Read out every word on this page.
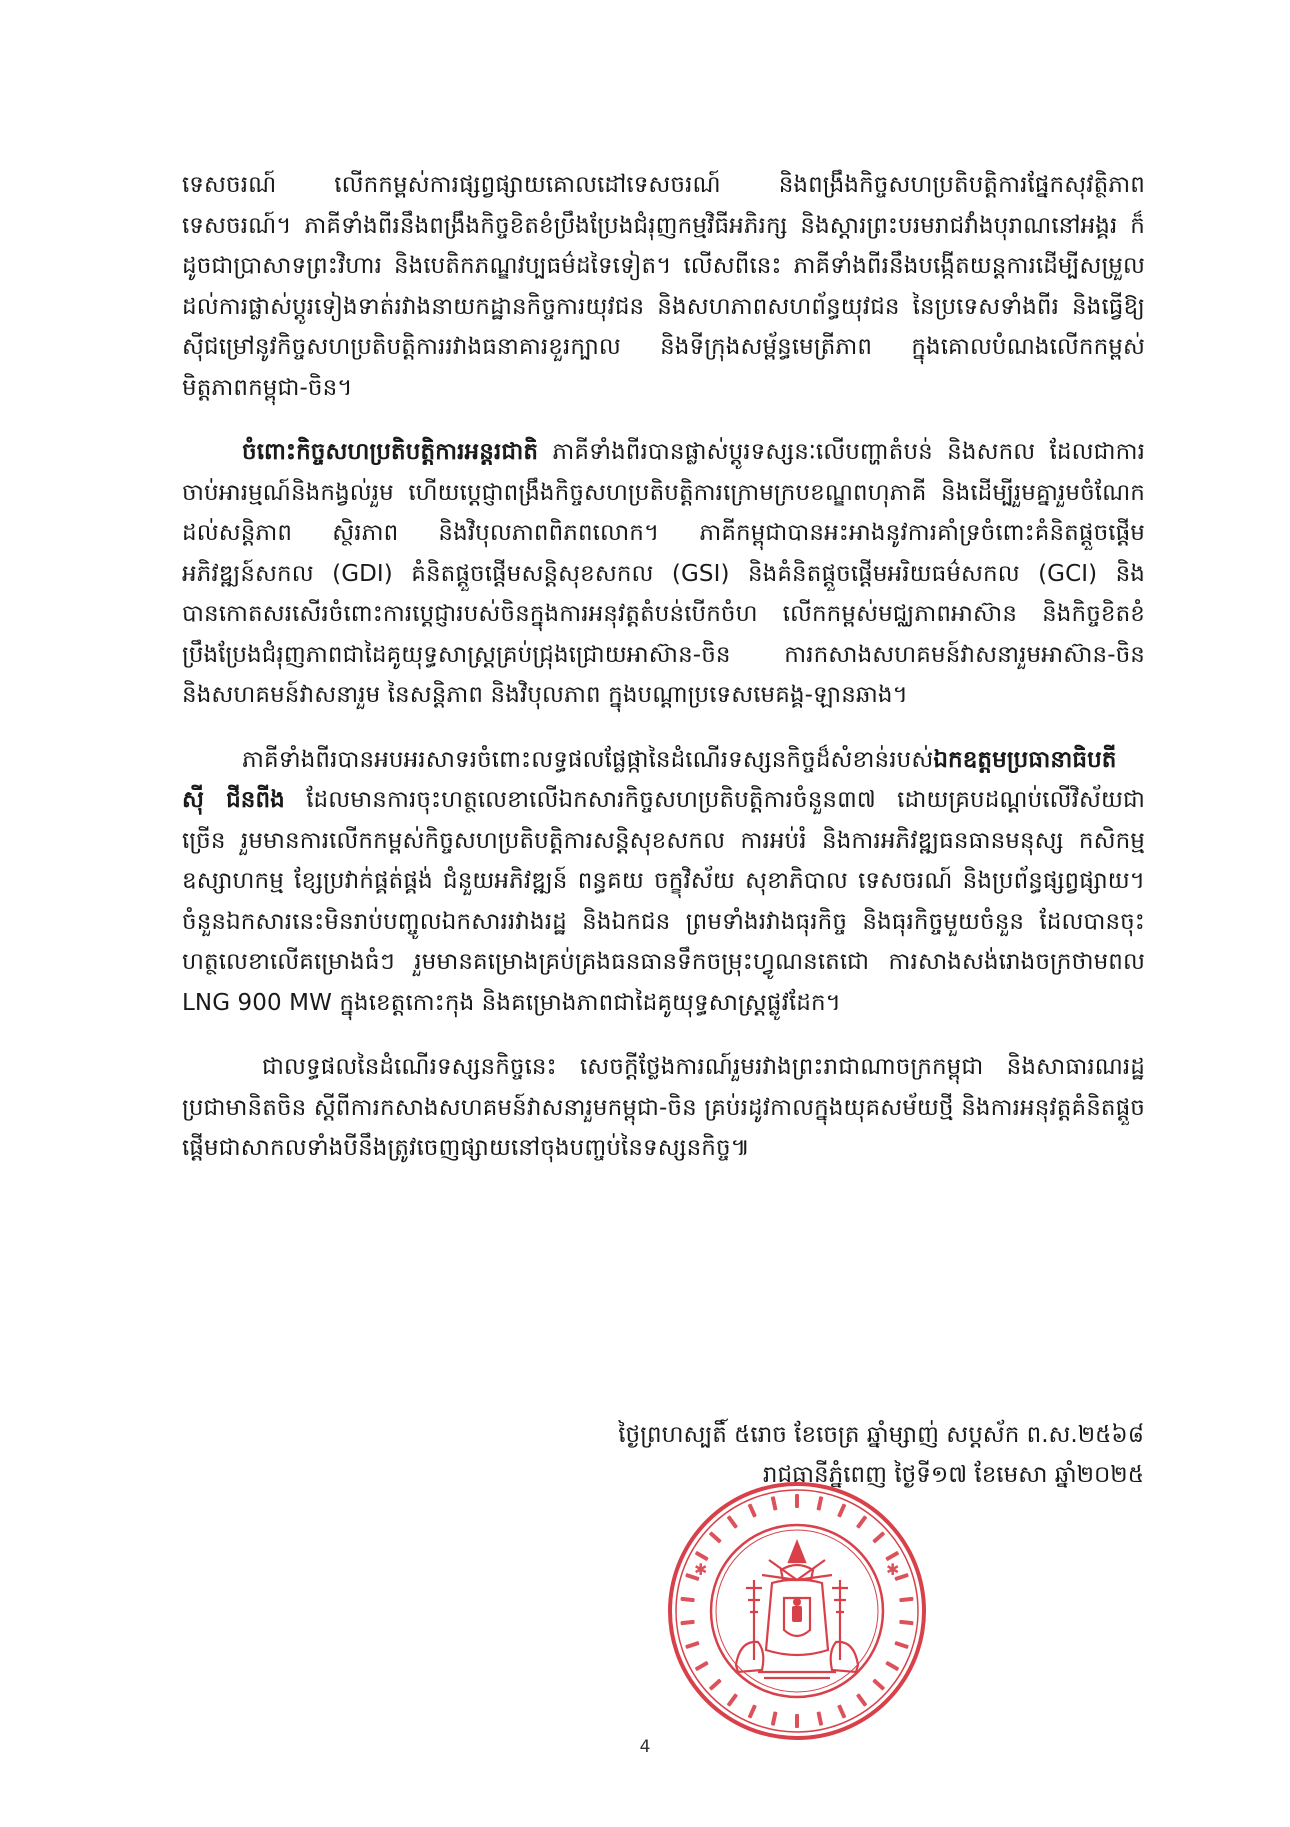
ទេសចរណ៍ លើកកម្ពស់ការផ្សព្វផ្សាយគោលដៅទេសចរណ៍ និងពង្រឹងកិច្ចសហប្រតិបត្តិការផ្នែកសុវត្ថិភាពទេសចរណ៍។ ភាគីទាំងពីរនឹងពង្រឹងកិច្ចខិតខំប្រឹងប្រែងជំរុញកម្មវិធីអភិរក្ស និងស្តារព្រះបរមរាជវាំងបុរាណនៅអង្គរ ក៏ដូចជាប្រាសាទព្រះវិហារ និងបេតិកភណ្ឌវប្បធម៌ដទៃទៀត។ លើសពីនេះ ភាគីទាំងពីរនឹងបង្កើតយន្តការដើម្បីសម្រួលដល់ការផ្លាស់ប្តូរទៀងទាត់រវាងនាយកដ្ឋានកិច្ចការយុវជន និងសហភាពសហព័ន្ធយុវជន នៃប្រទេសទាំងពីរ និងធ្វើឱ្យស៊ីជម្រៅនូវកិច្ចសហប្រតិបត្តិការរវាងធនាគារខួរក្បាល និងទីក្រុងសម្ព័ន្ធមេត្រីភាព ក្នុងគោលបំណងលើកកម្ពស់មិត្តភាពកម្ពុជា-ចិន។

ចំពោះកិច្ចសហប្រតិបត្តិការអន្តរជាតិ ភាគីទាំងពីរបានផ្លាស់ប្តូរទស្សនៈលើបញ្ហាតំបន់ និងសកល ដែលជាការចាប់អារម្មណ៍និងកង្វល់រួម ហើយប្តេជ្ញាពង្រឹងកិច្ចសហប្រតិបត្តិការក្រោមក្របខណ្ឌពហុភាគី និងដើម្បីរួមគ្នារួមចំណែកដល់សន្តិភាព ស្ថិរភាព និងវិបុលភាពពិភពលោក។ ភាគីកម្ពុជាបានអះអាងនូវការគាំទ្រចំពោះគំនិតផ្តួចផ្តើមអភិវឌ្ឍន៍សកល (GDI) គំនិតផ្តួចផ្តើមសន្តិសុខសកល (GSI) និងគំនិតផ្តួចផ្តើមអរិយធម៌សកល (GCI) និងបានកោតសរសើរចំពោះការប្តេជ្ញារបស់ចិនក្នុងការអនុវត្តតំបន់បើកចំហ លើកកម្ពស់មជ្ឈភាពអាស៊ាន និងកិច្ចខិតខំប្រឹងប្រែងជំរុញភាពជាដៃគូយុទ្ធសាស្ត្រគ្រប់ជ្រុងជ្រោយអាស៊ាន-ចិន ការកសាងសហគមន៍វាសនារួមអាស៊ាន-ចិន និងសហគមន៍វាសនារួម នៃសន្តិភាព និងវិបុលភាព ក្នុងបណ្តាប្រទេសមេគង្គ-ឡានឆាង។

ភាគីទាំងពីរបានអបអរសាទរចំពោះលទ្ធផលផ្លែផ្កានៃដំណើរទស្សនកិច្ចដ៏សំខាន់របស់ឯកឧត្តមប្រធានាធិបតី ស៊ី ជីនពីង ដែលមានការចុះហត្ថលេខាលើឯកសារកិច្ចសហប្រតិបត្តិការចំនួន៣៧ ដោយគ្របដណ្តប់លើវិស័យជាច្រើន រួមមានការលើកកម្ពស់កិច្ចសហប្រតិបត្តិការសន្តិសុខសកល ការអប់រំ និងការអភិវឌ្ឍធនធានមនុស្ស កសិកម្ម ឧស្សាហកម្ម ខ្សែប្រវាក់ផ្គត់ផ្គង់ ជំនួយអភិវឌ្ឍន៍ ពន្ធគយ ចក្ខុវិស័យ សុខាភិបាល ទេសចរណ៍ និងប្រព័ន្ធផ្សព្វផ្សាយ។ ចំនួនឯកសារនេះមិនរាប់បញ្ចូលឯកសាររវាងរដ្ឋ និងឯកជន ព្រមទាំងរវាងធុរកិច្ច និងធុរកិច្ចមួយចំនួន ដែលបានចុះហត្ថលេខាលើគម្រោងធំៗ រួមមានគម្រោងគ្រប់គ្រងធនធានទឹកចម្រុះហ្វូណនតេជោ ការសាងសង់រោងចក្រថាមពល LNG 900 MW ក្នុងខេត្តកោះកុង និងគម្រោងភាពជាដៃគូយុទ្ធសាស្ត្រផ្លូវដែក។

ជាលទ្ធផលនៃដំណើរទស្សនកិច្ចនេះ សេចក្តីថ្លែងការណ៍រួមរវាងព្រះរាជាណាចក្រកម្ពុជា និងសាធារណរដ្ឋប្រជាមានិតចិន ស្តីពីការកសាងសហគមន៍វាសនារួមកម្ពុជា-ចិន គ្រប់រដូវកាលក្នុងយុគសម័យថ្មី និងការអនុវត្តគំនិតផ្តួចផ្តើមជាសាកលទាំងបីនឹងត្រូវចេញផ្សាយនៅចុងបញ្ចប់នៃទស្សនកិច្ច៕

ថ្ងៃព្រហស្បតិ៍ ៥រោច ខែចេត្រ ឆ្នាំម្សាញ់ សប្តស័ក ព.ស.២៥៦៨
រាជធានីភ្នំពេញ ថ្ងៃទី១៧ ខែមេសា ឆ្នាំ២០២៥
✱	✱
4
